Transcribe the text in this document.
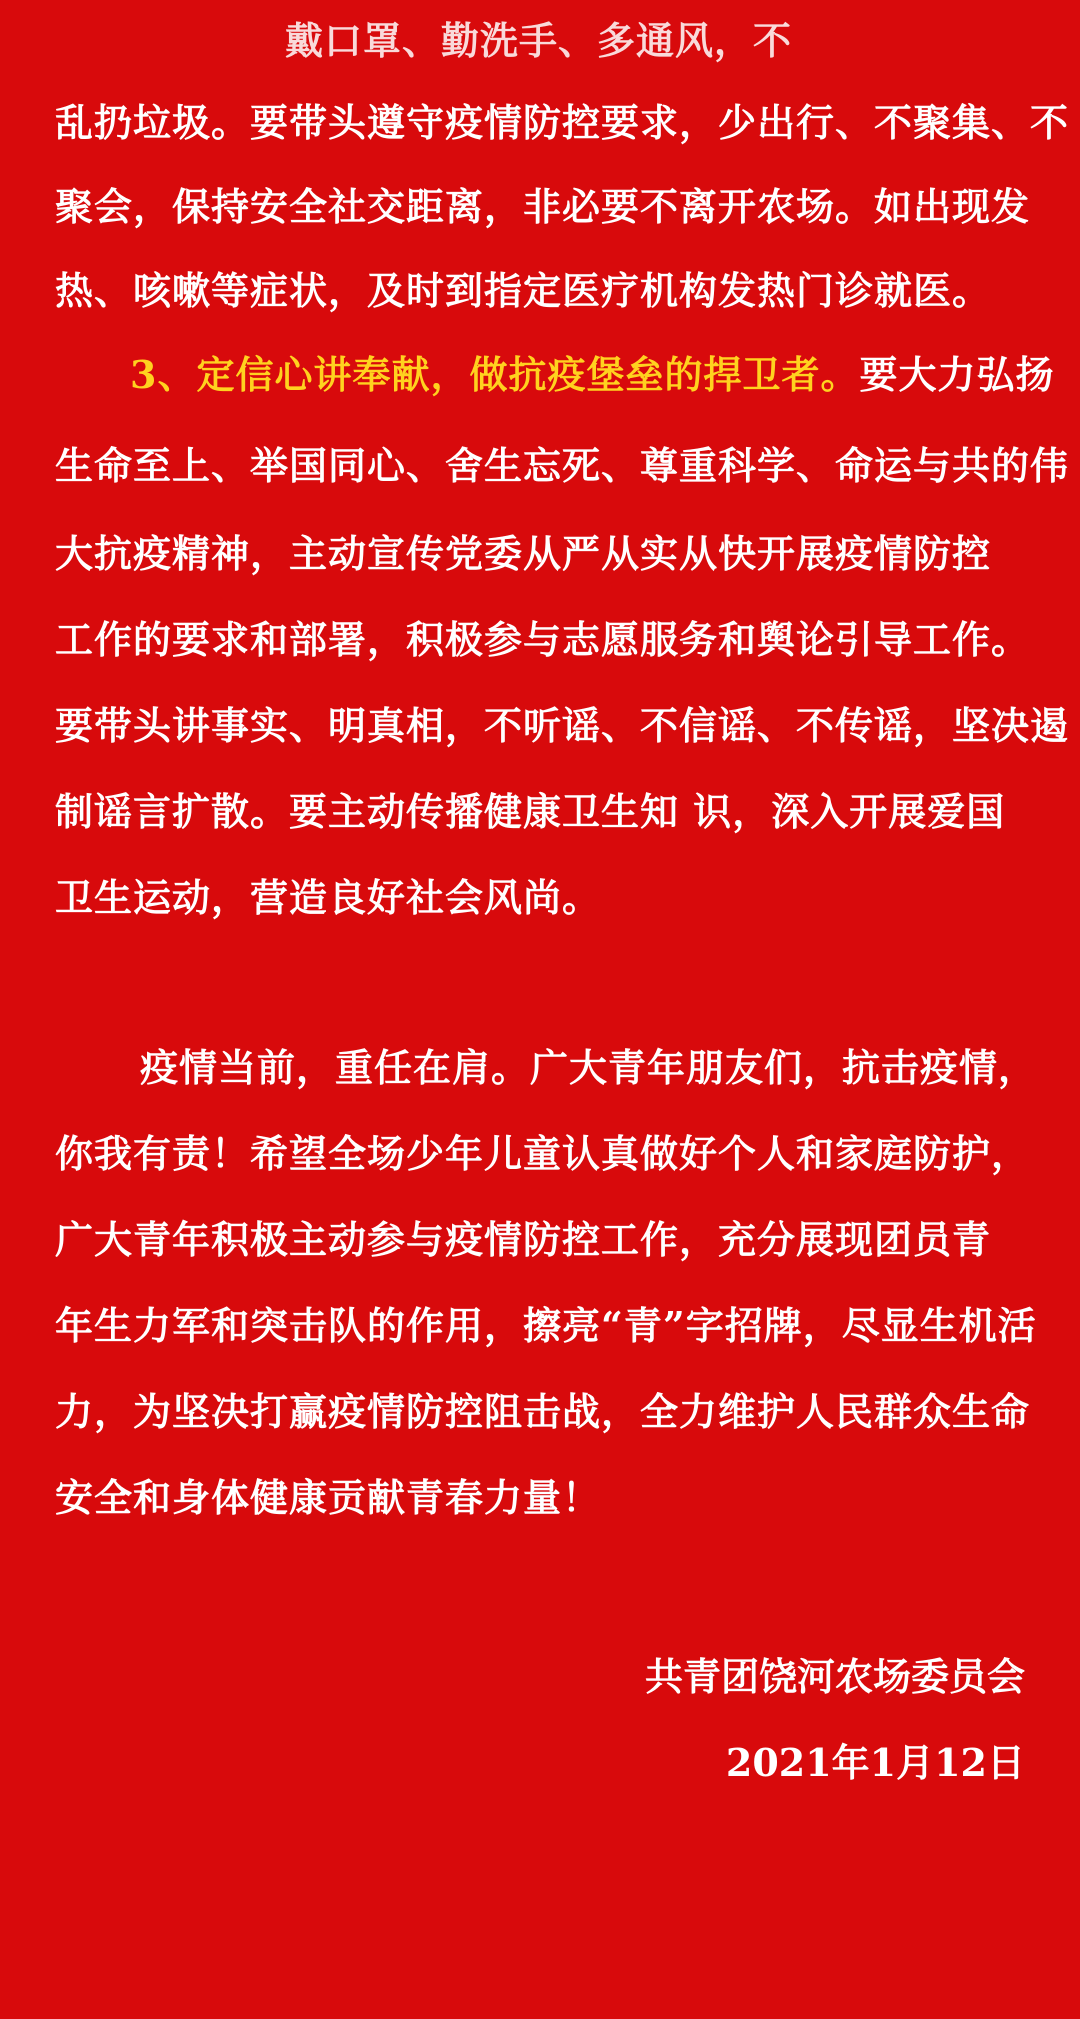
戴口罩、勤洗手、多通风，不
乱扔垃圾。要带头遵守疫情防控要求，少出行、不聚集、不
聚会，保持安全社交距离，非必要不离开农场。如出现发
热、咳嗽等症状，及时到指定医疗机构发热门诊就医。
3、定信心讲奉献，做抗疫堡垒的捍卫者。要大力弘扬
生命至上、举国同心、舍生忘死、尊重科学、命运与共的伟
大抗疫精神，主动宣传党委从严从实从快开展疫情防控
工作的要求和部署，积极参与志愿服务和舆论引导工作。
要带头讲事实、明真相，不听谣、不信谣、不传谣，坚决遏
制谣言扩散。要主动传播健康卫生知 识，深入开展爱国
卫生运动，营造良好社会风尚。
疫情当前，重任在肩。广大青年朋友们，抗击疫情，
你我有责！希望全场少年儿童认真做好个人和家庭防护，
广大青年积极主动参与疫情防控工作，充分展现团员青
年生力军和突击队的作用，擦亮“青”字招牌，尽显生机活
力，为坚决打赢疫情防控阻击战，全力维护人民群众生命
安全和身体健康贡献青春力量！
共青团饶河农场委员会
2021年1月12日
